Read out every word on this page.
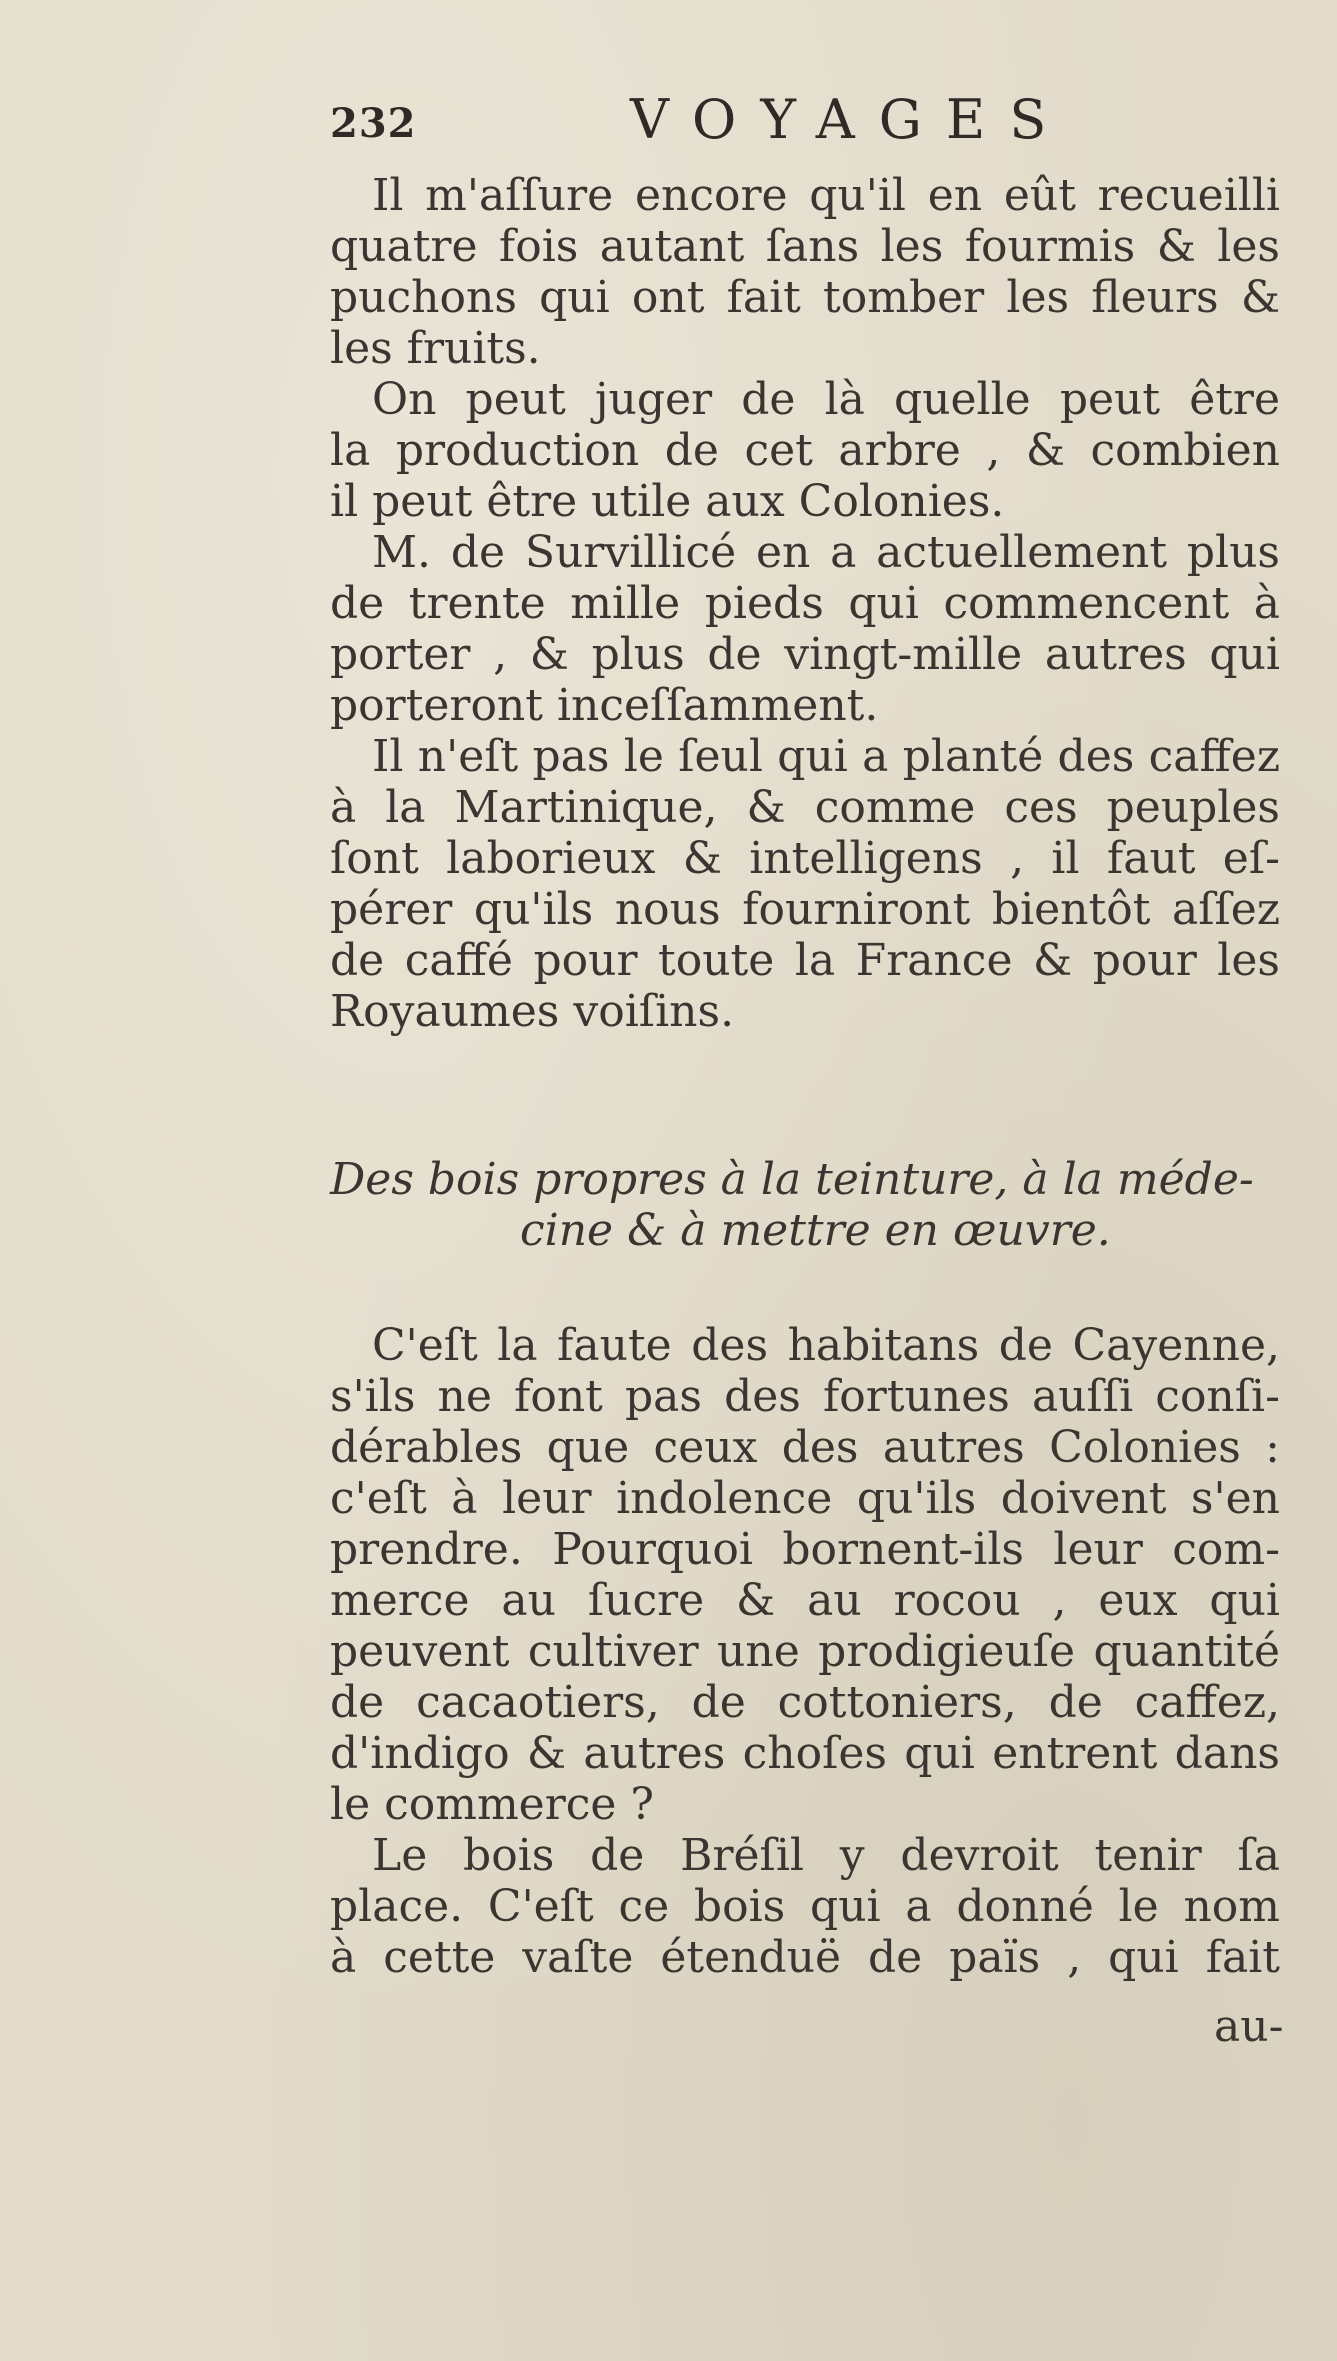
232	VOYAGES
Il m'aſſure encore qu'il en eût recueilli
quatre fois autant ſans les fourmis & les
puchons qui ont fait tomber les fleurs &
les fruits.
On peut juger de là quelle peut être
la production de cet arbre , & combien
il peut être utile aux Colonies.
M. de Survillicé en a actuellement plus
de trente mille pieds qui commencent à
porter , & plus de vingt-mille autres qui
porteront inceſſamment.
Il n'eſt pas le ſeul qui a planté des caffez
à la Martinique, & comme ces peuples
ſont laborieux & intelligens , il faut eſ-
pérer qu'ils nous fourniront bientôt aſſez
de caffé pour toute la France & pour les
Royaumes voiſins.
Des bois propres à la teinture, à la méde-
cine & à mettre en œuvre.
C'eſt la faute des habitans de Cayenne,
s'ils ne font pas des fortunes auſſi conſi-
dérables que ceux des autres Colonies :
c'eſt à leur indolence qu'ils doivent s'en
prendre. Pourquoi bornent-ils leur com-
merce au ſucre & au rocou , eux qui
peuvent cultiver une prodigieuſe quantité
de cacaotiers, de cottoniers, de caffez,
d'indigo & autres choſes qui entrent dans
le commerce ?
Le bois de Bréſil y devroit tenir ſa
place. C'eſt ce bois qui a donné le nom
à cette vaſte étenduë de païs , qui fait
au-
